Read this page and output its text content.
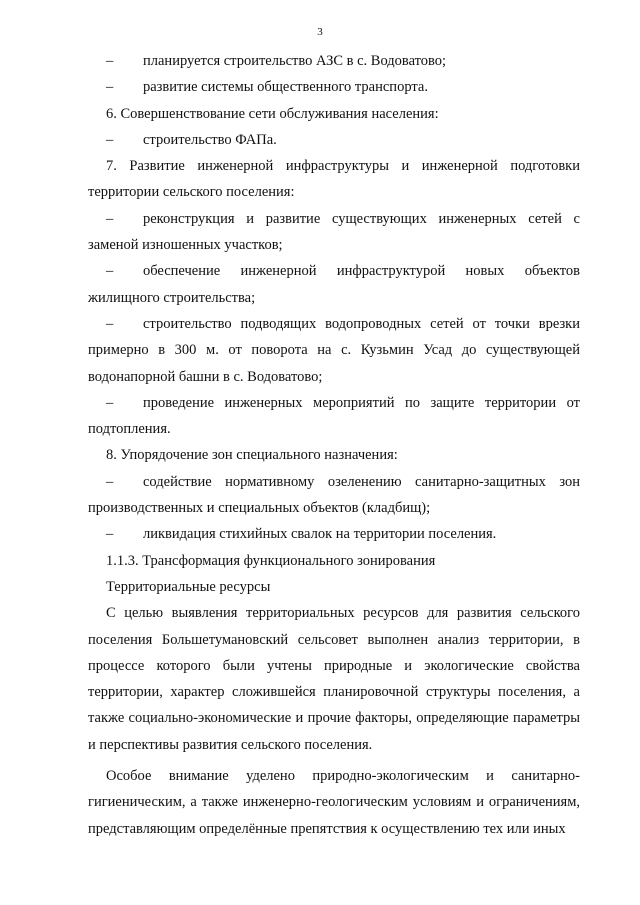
3
– планируется строительство АЗС в с. Водоватово;
– развитие системы общественного транспорта.

6. Совершенствование сети обслуживания населения:

– строительство ФАПа.

7. Развитие инженерной инфраструктуры и инженерной подготовки территории сельского поселения:

– реконструкция и развитие существующих инженерных сетей с заменой изношенных участков;

– обеспечение инженерной инфраструктурой новых объектов жилищного строительства;

– строительство подводящих водопроводных сетей от точки врезки примерно в 300 м. от поворота на с. Кузьмин Усад до существующей водонапорной башни в с. Водоватово;

– проведение инженерных мероприятий по защите территории от подтопления.

8. Упорядочение зон специального назначения:

– содействие нормативному озеленению санитарно-защитных зон производственных и специальных объектов (кладбищ);

– ликвидация стихийных свалок на территории поселения.

1.1.3. Трансформация функционального зонирования

Территориальные ресурсы

С целью выявления территориальных ресурсов для развития сельского поселения Большетумановский сельсовет выполнен анализ территории, в процессе которого были учтены природные и экологические свойства территории, характер сложившейся планировочной структуры поселения, а также социально-экономические и прочие факторы, определяющие параметры и перспективы развития сельского поселения.

Особое внимание уделено природно-экологическим и санитарно-гигиеническим, а также инженерно-геологическим условиям и ограничениям, представляющим определённые препятствия к осуществлению тех или иных
